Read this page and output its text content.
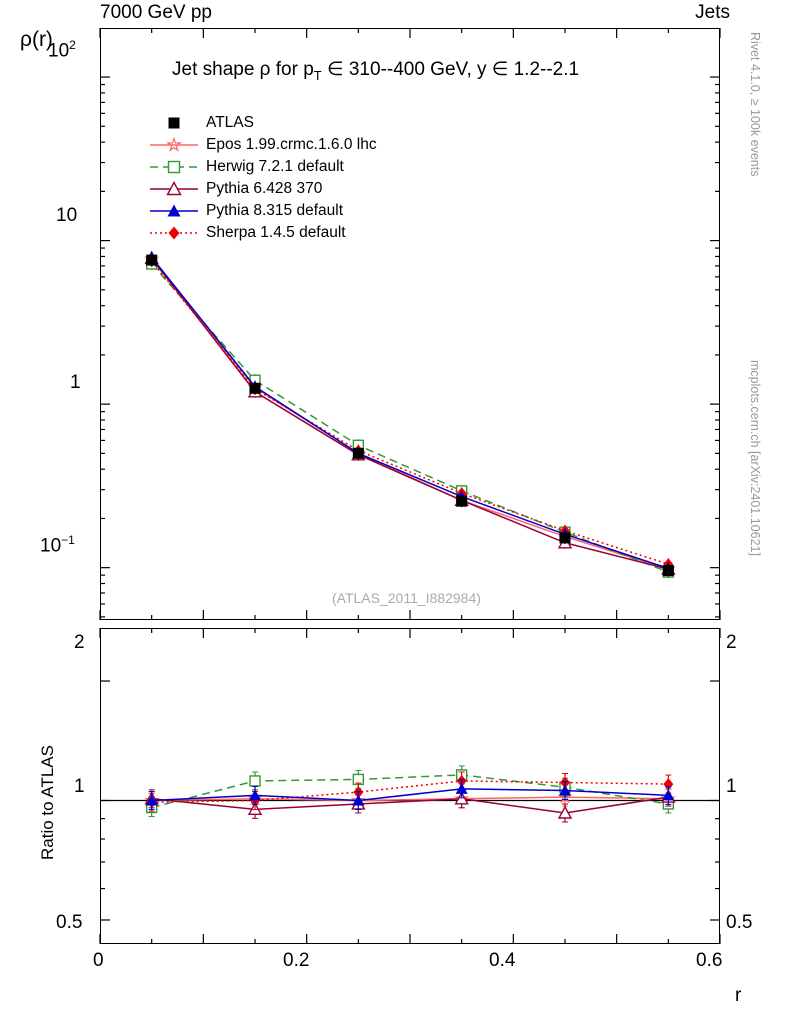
7000 GeV pp	Jets
Rivet 4.1.0, ≥ 100k events
mcplots.cern.ch [arXiv:2401.10621]
ρ(r)
Jet shape ρ for $p_T$ ∈ 310--400 GeV, y ∈ 1.2--2.1
$10^2$
10
1
$10^{-1}$
Ratio to ATLAS
2
1
0.5
2
1
0.5
0	0.2	0.4	0.6
r
(ATLAS_2011_I882984)
ATLAS
Epos 1.99.crmc.1.6.0 lhc
Herwig 7.2.1 default
Pythia 6.428 370
Pythia 8.315 default
Sherpa 1.4.5 default
